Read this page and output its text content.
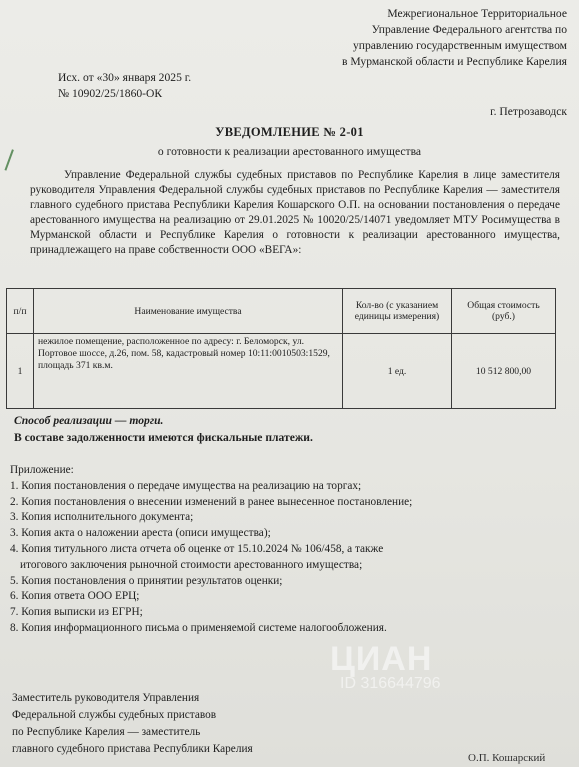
Межрегиональное Территориальное
Управление Федерального агентства по
управлению государственным имуществом
в Мурманской области и Республике Карелия
Исх. от «30» января 2025 г.
№ 10902/25/1860-ОК
г. Петрозаводск
УВЕДОМЛЕНИЕ № 2-01
о готовности к реализации арестованного имущества

Управление Федеральной службы судебных приставов по Республике Карелия в лице заместителя руководителя Управления Федеральной службы судебных приставов по Республике Карелия — заместителя главного судебного пристава Республики Карелия Кошарского О.П. на основании постановления о передаче арестованного имущества на реализацию от 29.01.2025 № 10020/25/14071 уведомляет МТУ Росимущества в Мурманской области и Республике Карелия о готовности к реализации арестованного имущества, принадлежащего на праве собственности ООО «ВЕГА»:

п/п	Наименование имущества	Кол-во (с указанием единицы измерения)	Общая стоимость (руб.)
1	нежилое помещение, расположенное по адресу: г. Беломорск, ул. Портовое шоссе, д.26, пом. 58, кадастровый номер 10:11:0010503:1529, площадь 371 кв.м.	1 ед.	10 512 800,00
Способ реализации — торги.
В составе задолженности имеются фискальные платежи.
Приложение:
1. Копия постановления о передаче имущества на реализацию на торгах;
2. Копия постановления о внесении изменений в ранее вынесенное постановление;
3. Копия исполнительного документа;
3. Копия акта о наложении ареста (описи имущества);
4. Копия титульного листа отчета об оценке от 15.10.2024 № 106/458, а также
итогового заключения рыночной стоимости арестованного имущества;
5. Копия постановления о принятии результатов оценки;
6. Копия ответа ООО ЕРЦ;
7. Копия выписки из ЕГРН;
8. Копия информационного письма о применяемой системе налогообложения.
ЦИАН
ID 316644796
Заместитель руководителя Управления
Федеральной службы судебных приставов
по Республике Карелия — заместитель
главного судебного пристава Республики Карелия
О.П. Кошарский
